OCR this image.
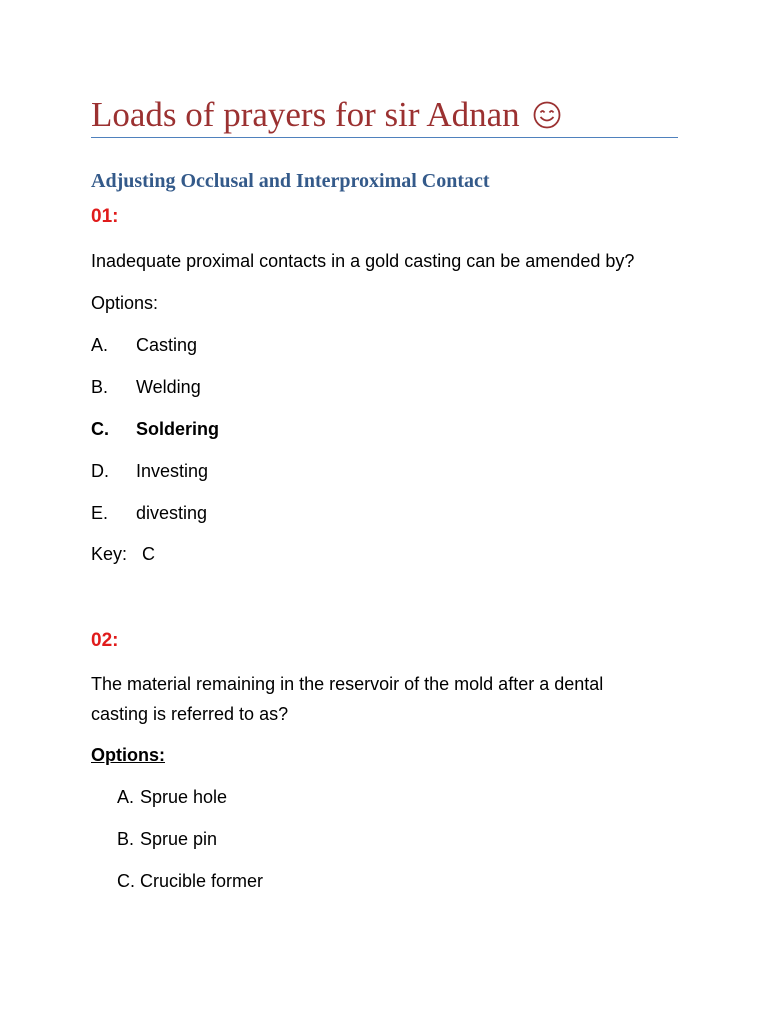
Loads of prayers for sir Adnan
Adjusting Occlusal and Interproximal Contact
01:
Inadequate proximal contacts in a gold casting can be amended by?
Options:
A. Casting
B. Welding
C. Soldering
D. Investing
E. divesting
Key:   C
02:
The material remaining in the reservoir of the mold after a dental
casting is referred to as?
Options:
A. Sprue hole
B. Sprue pin
C. Crucible former
